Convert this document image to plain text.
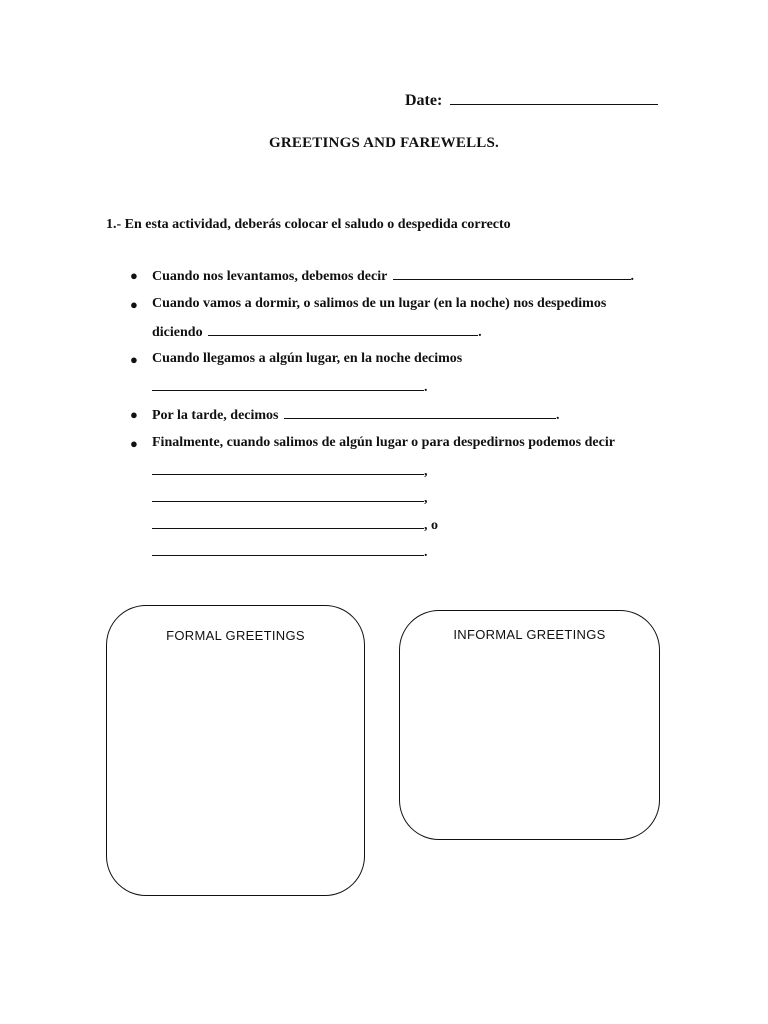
Date:
GREETINGS AND FAREWELLS.
1.- En esta actividad, deberás colocar el saludo o despedida correcto
● Cuando nos levantamos, debemos decir	.
● Cuando vamos a dormir, o salimos de un lugar (en la noche) nos despedimos
diciendo	.
● Cuando llegamos a algún lugar, en la noche decimos
.
● Por la tarde, decimos	.
● Finalmente, cuando salimos de algún lugar o para despedirnos podemos decir
,
,
, o
.
FORMAL GREETINGS	INFORMAL GREETINGS
